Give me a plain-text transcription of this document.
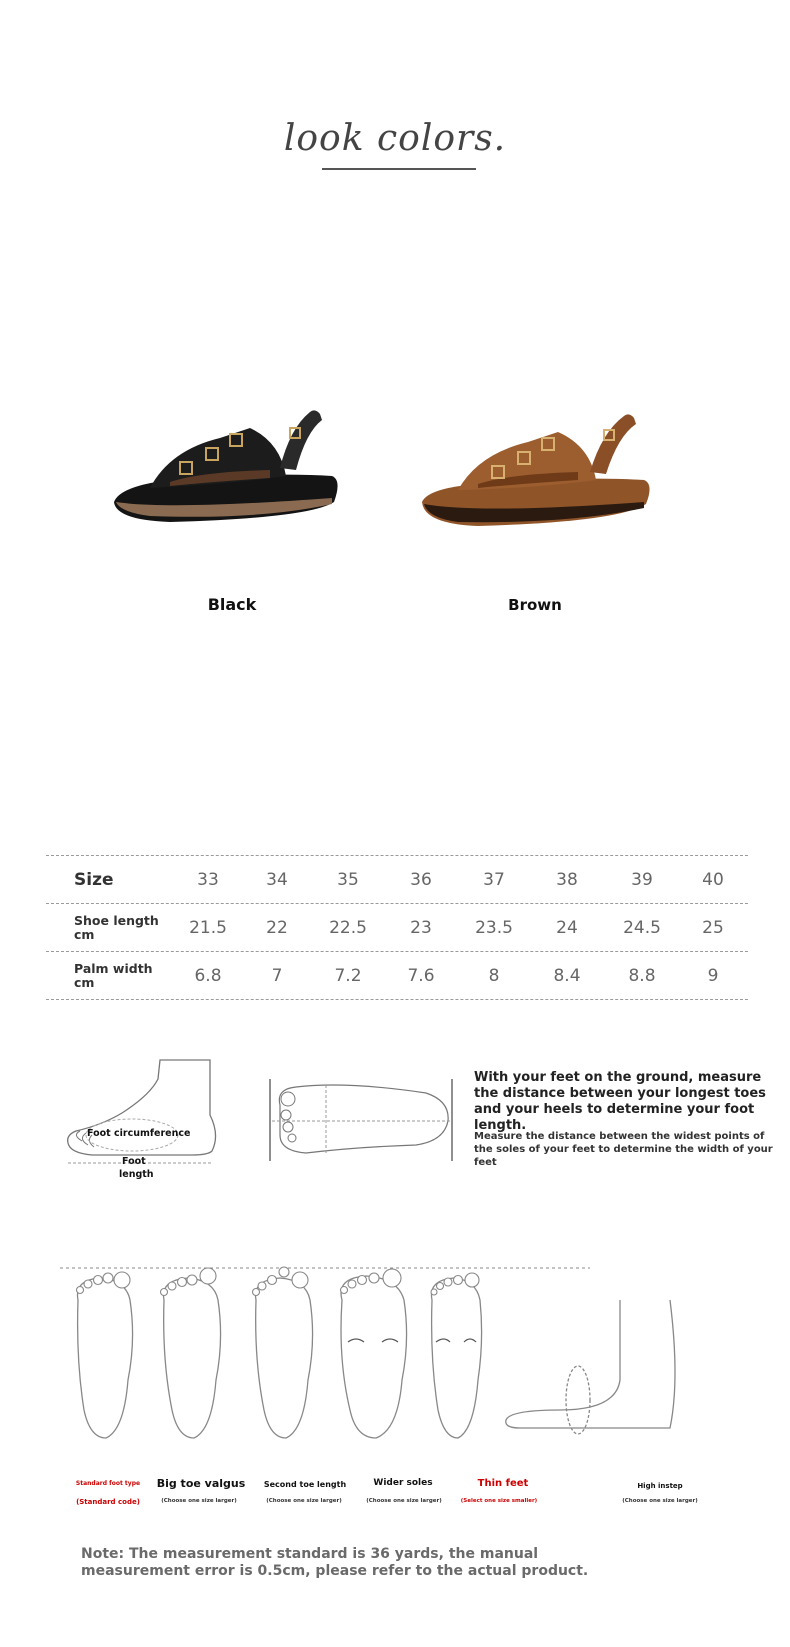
look colors.
Black	Brown
Size	33	34	35	36	37	38	39	40
Shoe length
cm	21.5	22	22.5	23	23.5	24	24.5	25
Palm width
cm	6.8	7	7.2	7.6	8	8.4	8.8	9
Foot circumference
Foot
length
With your feet on the ground, measure the distance between your longest toes and your heels to determine your foot length.
Measure the distance between the widest points of the soles of your feet to determine the width of your feet
Standard foot type
(Standard code)
Big toe valgus
(Choose one size larger)
Second toe length
(Choose one size larger)
Wider soles
(Choose one size larger)
Thin feet
(Select one size smaller)
High instep
(Choose one size larger)
Note: The measurement standard is 36 yards, the manual measurement error is 0.5cm, please refer to the actual product.
